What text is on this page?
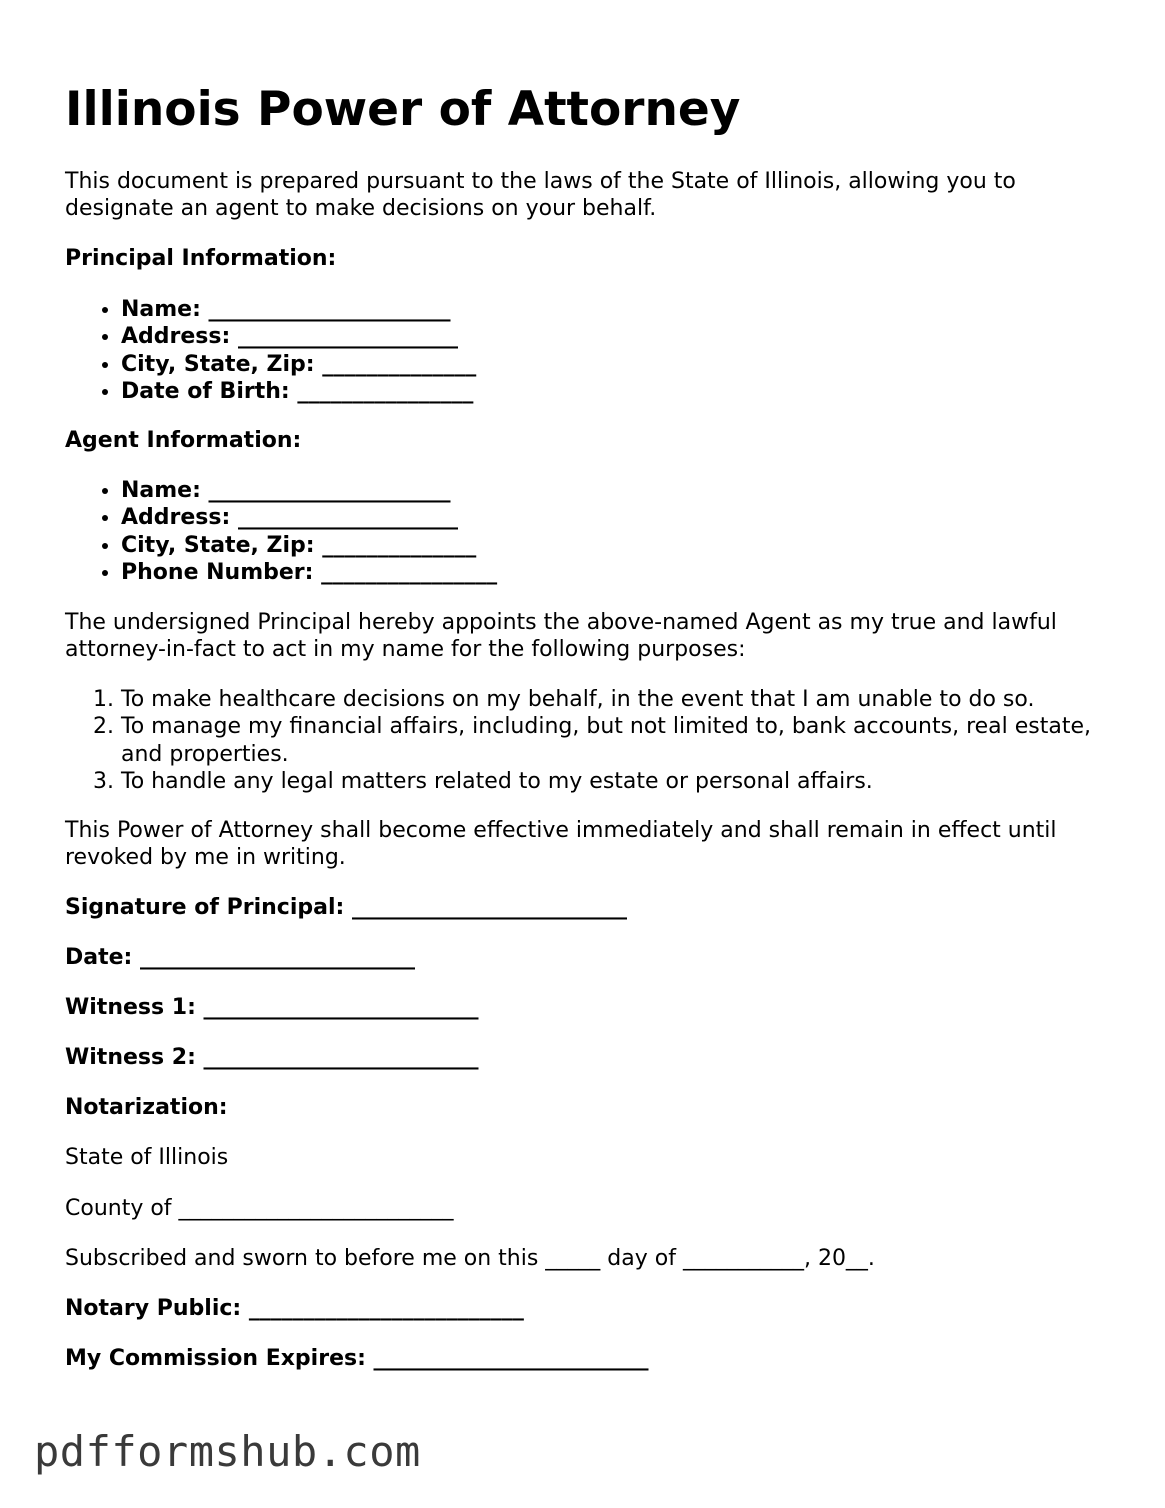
Illinois Power of Attorney
This document is prepared pursuant to the laws of the State of Illinois, allowing you to designate an agent to make decisions on your behalf.
Principal Information:
• Name: ______________________
• Address: ____________________
• City, State, Zip: ______________
• Date of Birth: ________________
Agent Information:
• Name: ______________________
• Address: ____________________
• City, State, Zip: ______________
• Phone Number: ________________
The undersigned Principal hereby appoints the above-named Agent as my true and lawful attorney-in-fact to act in my name for the following purposes:
1. To make healthcare decisions on my behalf, in the event that I am unable to do so.
2. To manage my financial affairs, including, but not limited to, bank accounts, real estate, and properties.
3. To handle any legal matters related to my estate or personal affairs.
This Power of Attorney shall become effective immediately and shall remain in effect until revoked by me in writing.
Signature of Principal: _________________________
Date: _________________________
Witness 1: _________________________
Witness 2: _________________________
Notarization:
State of Illinois
County of _________________________
Subscribed and sworn to before me on this _____ day of ___________, 20__.
Notary Public: _________________________
My Commission Expires: _________________________
pdfformshub.com
